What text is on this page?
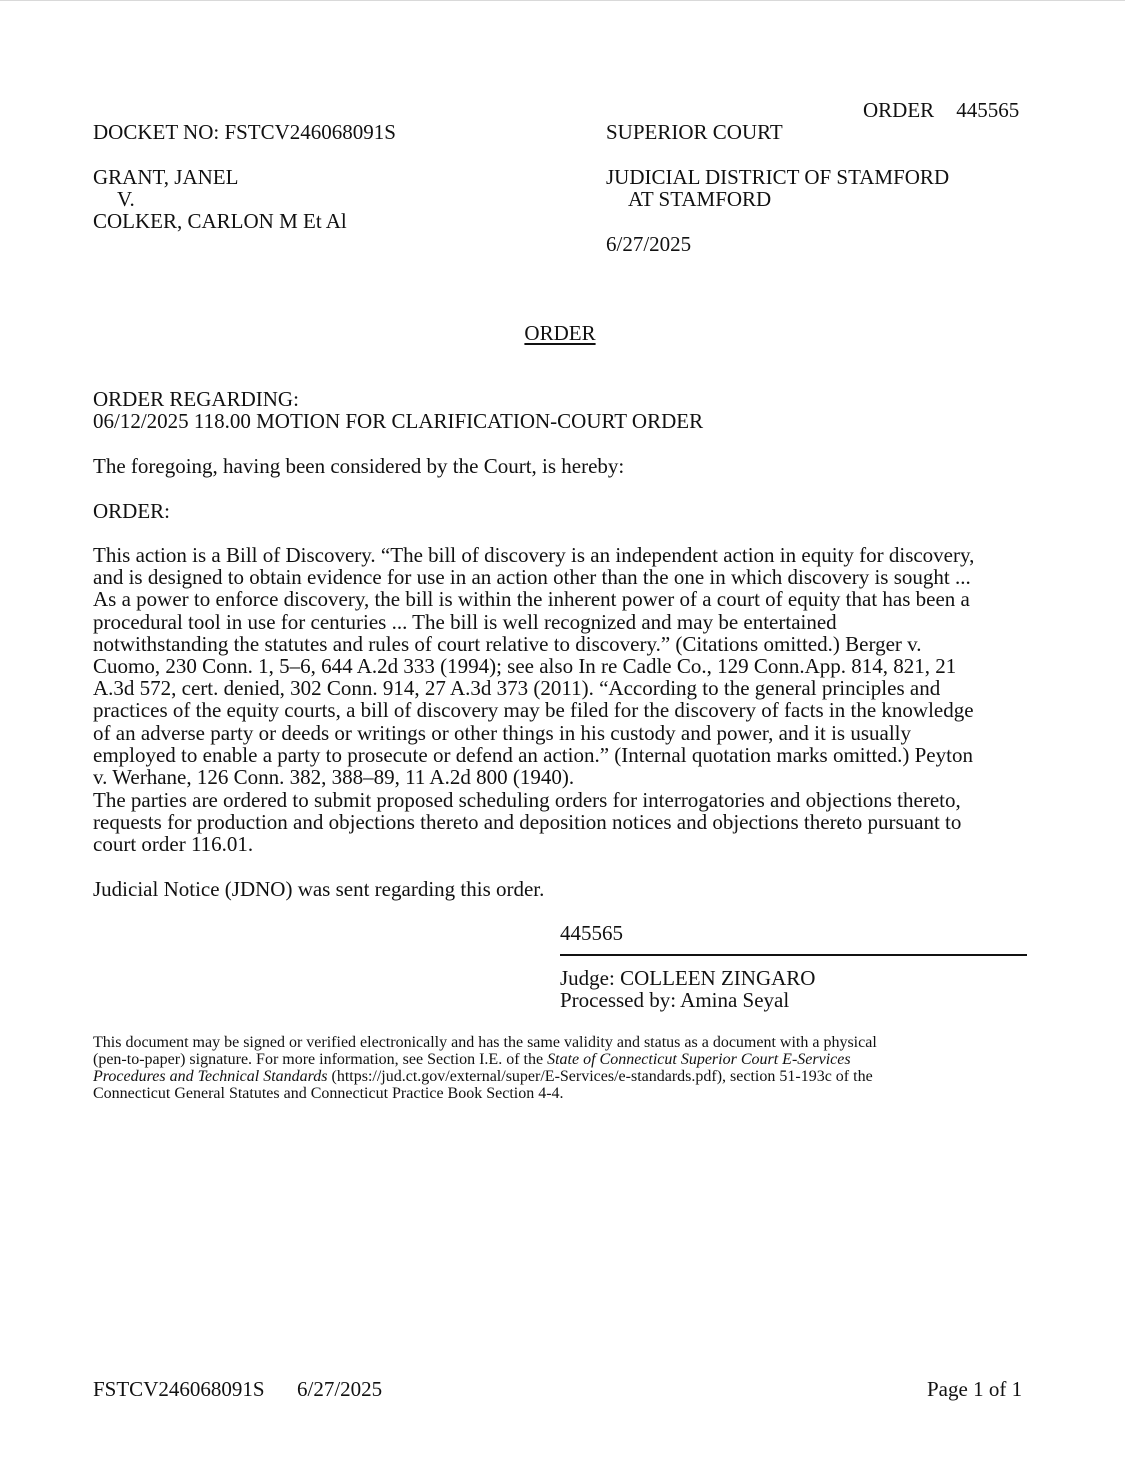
ORDER 445565
DOCKET NO: FSTCV246068091S	SUPERIOR COURT
GRANT, JANEL
V.
COLKER, CARLON M Et Al
JUDICIAL DISTRICT OF STAMFORD
AT STAMFORD
6/27/2025
ORDER
ORDER REGARDING:
06/12/2025 118.00 MOTION FOR CLARIFICATION-COURT ORDER
The foregoing, having been considered by the Court, is hereby:
ORDER:
This action is a Bill of Discovery. “The bill of discovery is an independent action in equity for discovery,
and is designed to obtain evidence for use in an action other than the one in which discovery is sought ...
As a power to enforce discovery, the bill is within the inherent power of a court of equity that has been a
procedural tool in use for centuries ... The bill is well recognized and may be entertained
notwithstanding the statutes and rules of court relative to discovery.” (Citations omitted.) Berger v.
Cuomo, 230 Conn. 1, 5–6, 644 A.2d 333 (1994); see also In re Cadle Co., 129 Conn.App. 814, 821, 21
A.3d 572, cert. denied, 302 Conn. 914, 27 A.3d 373 (2011). “According to the general principles and
practices of the equity courts, a bill of discovery may be filed for the discovery of facts in the knowledge
of an adverse party or deeds or writings or other things in his custody and power, and it is usually
employed to enable a party to prosecute or defend an action.” (Internal quotation marks omitted.) Peyton
v. Werhane, 126 Conn. 382, 388–89, 11 A.2d 800 (1940).
The parties are ordered to submit proposed scheduling orders for interrogatories and objections thereto,
requests for production and objections thereto and deposition notices and objections thereto pursuant to
court order 116.01.
Judicial Notice (JDNO) was sent regarding this order.
445565
Judge: COLLEEN ZINGARO
Processed by: Amina Seyal
This document may be signed or verified electronically and has the same validity and status as a document with a physical
(pen-to-paper) signature. For more information, see Section I.E. of the State of Connecticut Superior Court E-Services
Procedures and Technical Standards (https://jud.ct.gov/external/super/E-Services/e-standards.pdf), section 51-193c of the
Connecticut General Statutes and Connecticut Practice Book Section 4-4.
FSTCV246068091S 6/27/2025	Page 1 of 1
